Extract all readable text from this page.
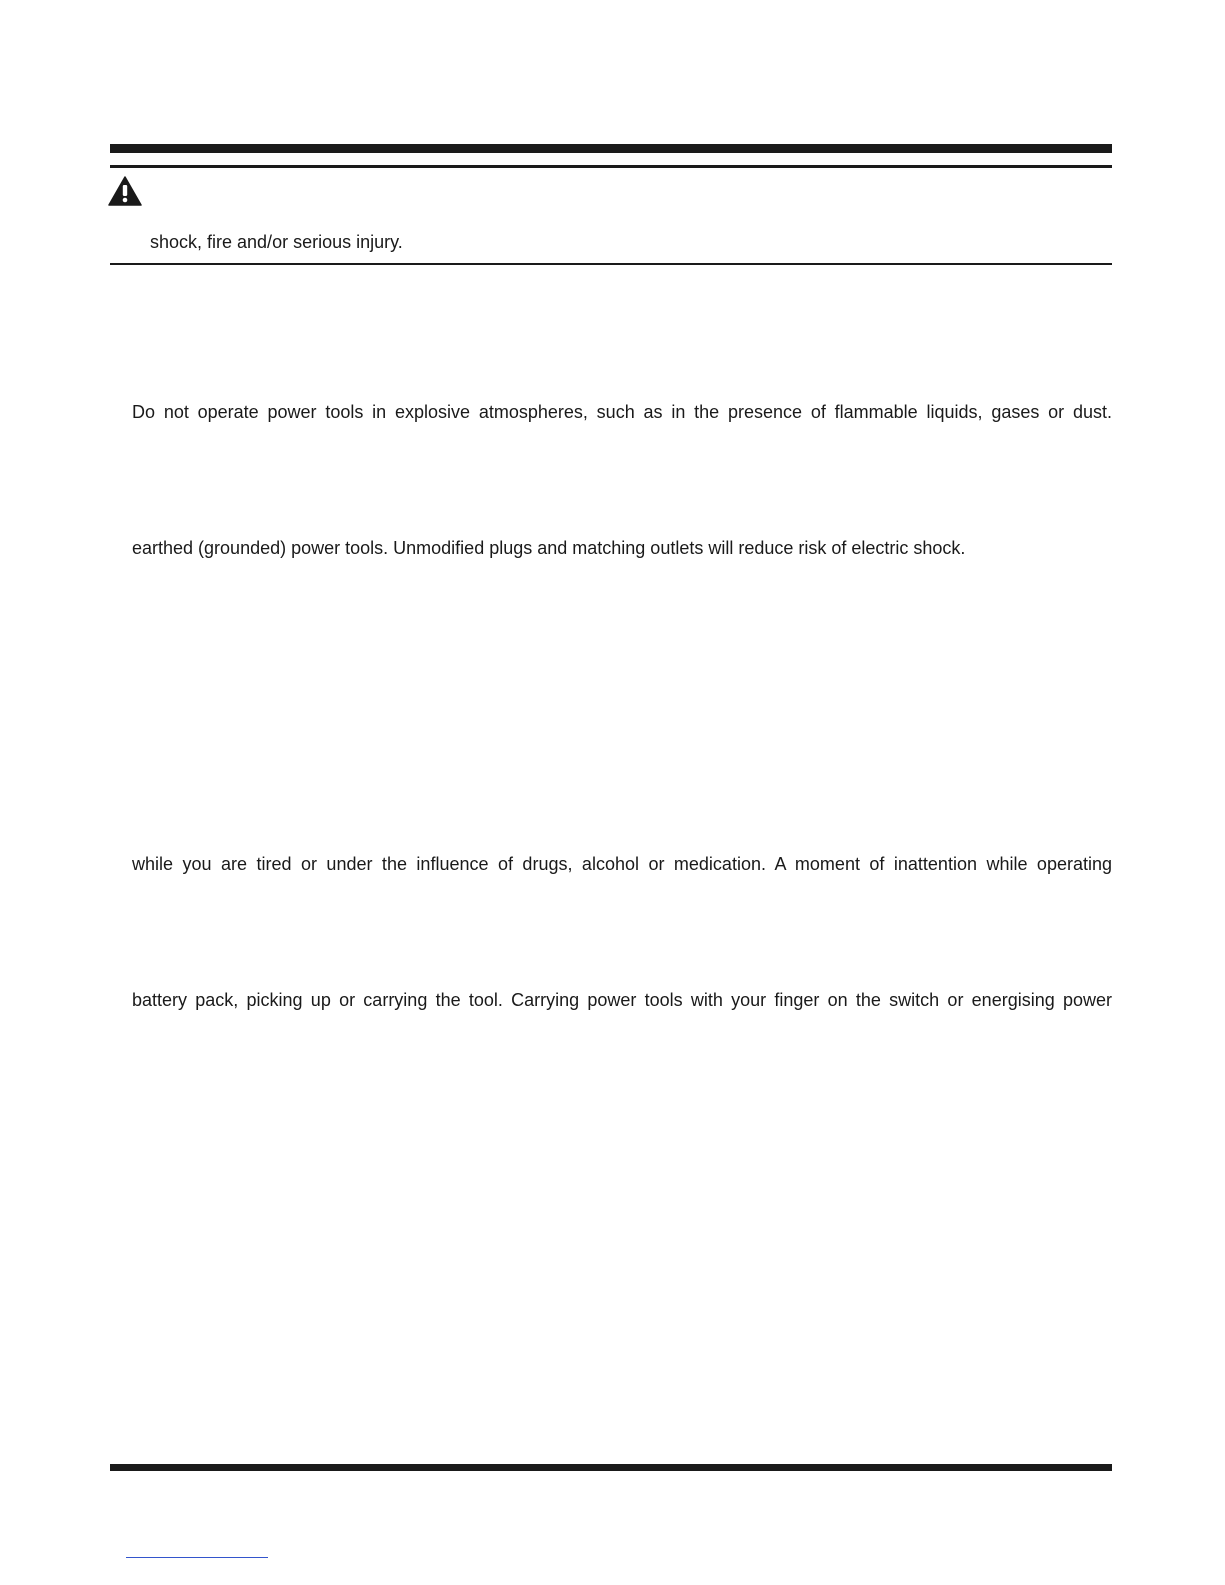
shock, fire and/or serious injury.
Do not operate power tools in explosive atmospheres, such as in the presence of flammable liquids, gases or dust.
earthed (grounded) power tools. Unmodified plugs and matching outlets will reduce risk of electric shock.
while you are tired or under the influence of drugs, alcohol or medication. A moment of inattention while operating
battery pack, picking up or carrying the tool. Carrying power tools with your finger on the switch or energising power
